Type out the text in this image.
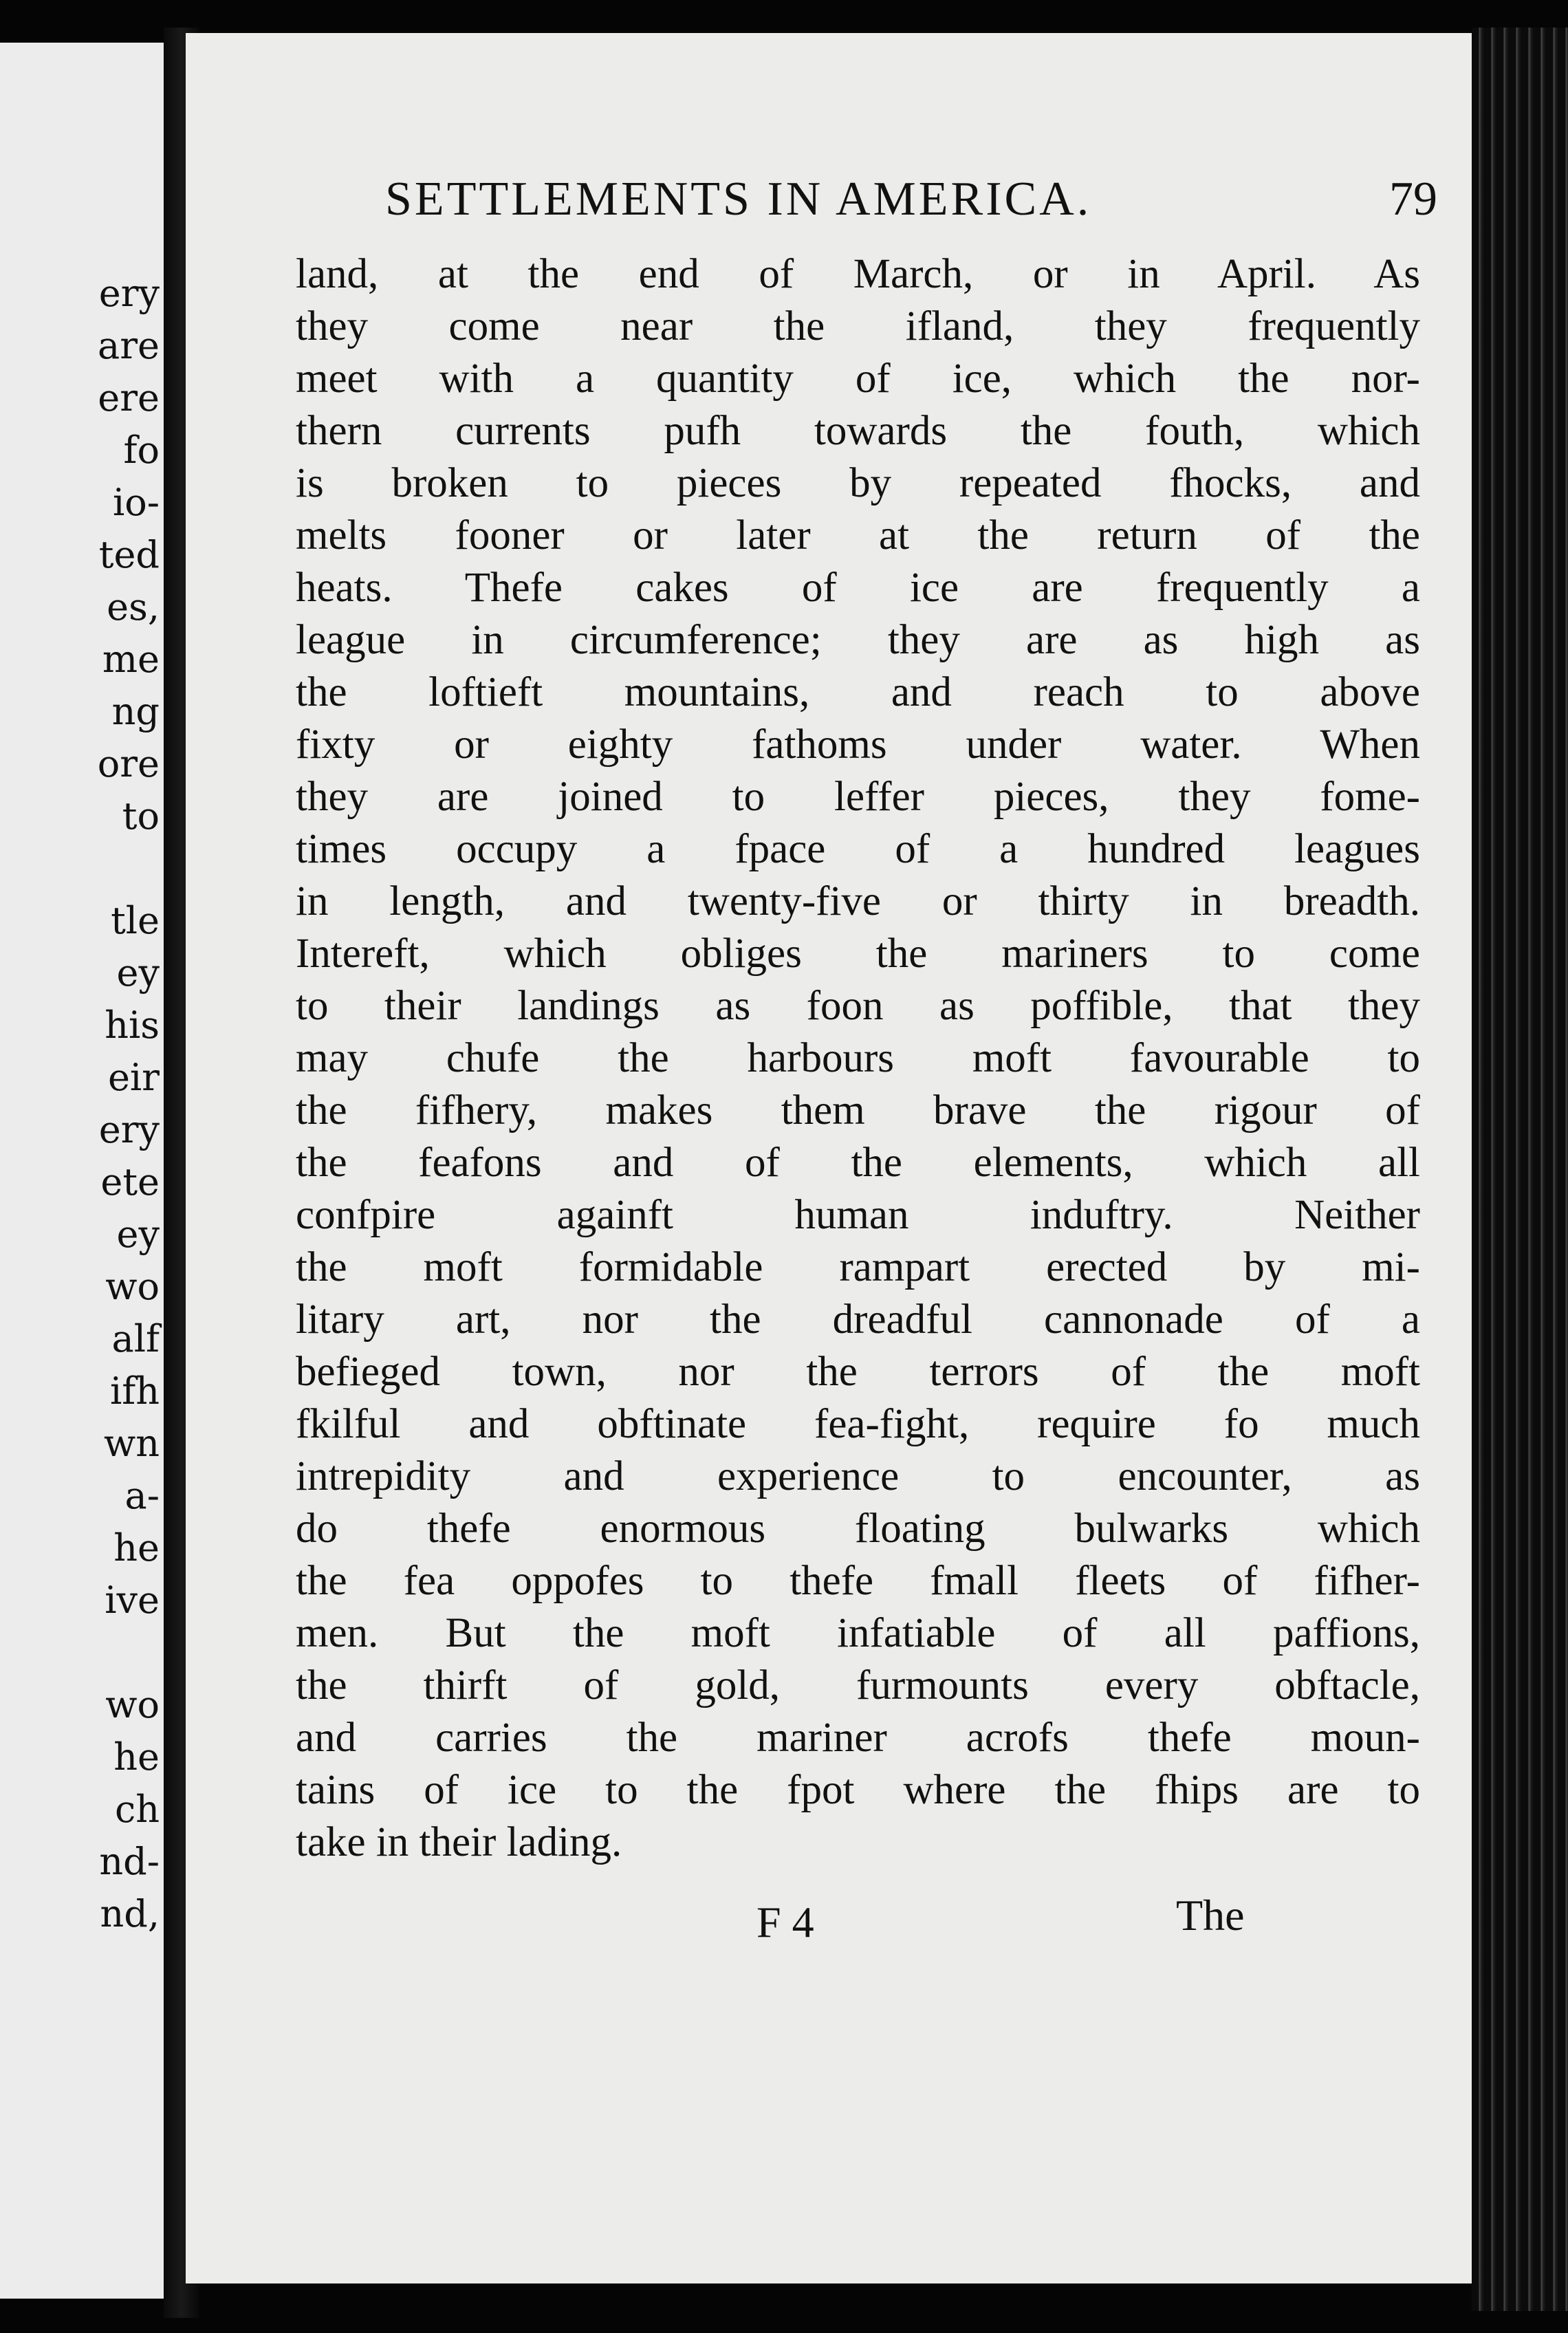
ery
are
ere
fo
io-
ted
es,
me
ng
ore
to
tle
ey
his
eir
ery
ete
ey
wo
alf
ifh
wn
a-
he
ive
wo
he
ch
nd-
nd,
SETTLEMENTS IN AMERICA.	79
land, at the end of March, or in April. As
they come near the ifland, they frequently
meet with a quantity of ice, which the nor-
thern currents pufh towards the fouth, which
is broken to pieces by repeated fhocks, and
melts fooner or later at the return of the
heats. Thefe cakes of ice are frequently a
league in circumference; they are as high as
the loftieft mountains, and reach to above
fixty or eighty fathoms under water. When
they are joined to leffer pieces, they fome-
times occupy a fpace of a hundred leagues
in length, and twenty-five or thirty in breadth.
Intereft, which obliges the mariners to come
to their landings as foon as poffible, that they
may chufe the harbours moft favourable to
the fifhery, makes them brave the rigour of
the feafons and of the elements, which all
confpire againft human induftry. Neither
the moft formidable rampart erected by mi-
litary art, nor the dreadful cannonade of a
befieged town, nor the terrors of the moft
fkilful and obftinate fea-fight, require fo much
intrepidity and experience to encounter, as
do thefe enormous floating bulwarks which
the fea oppofes to thefe fmall fleets of fifher-
men. But the moft infatiable of all paffions,
the thirft of gold, furmounts every obftacle,
and carries the mariner acrofs thefe moun-
tains of ice to the fpot where the fhips are to
take in their lading.
F 4	The
